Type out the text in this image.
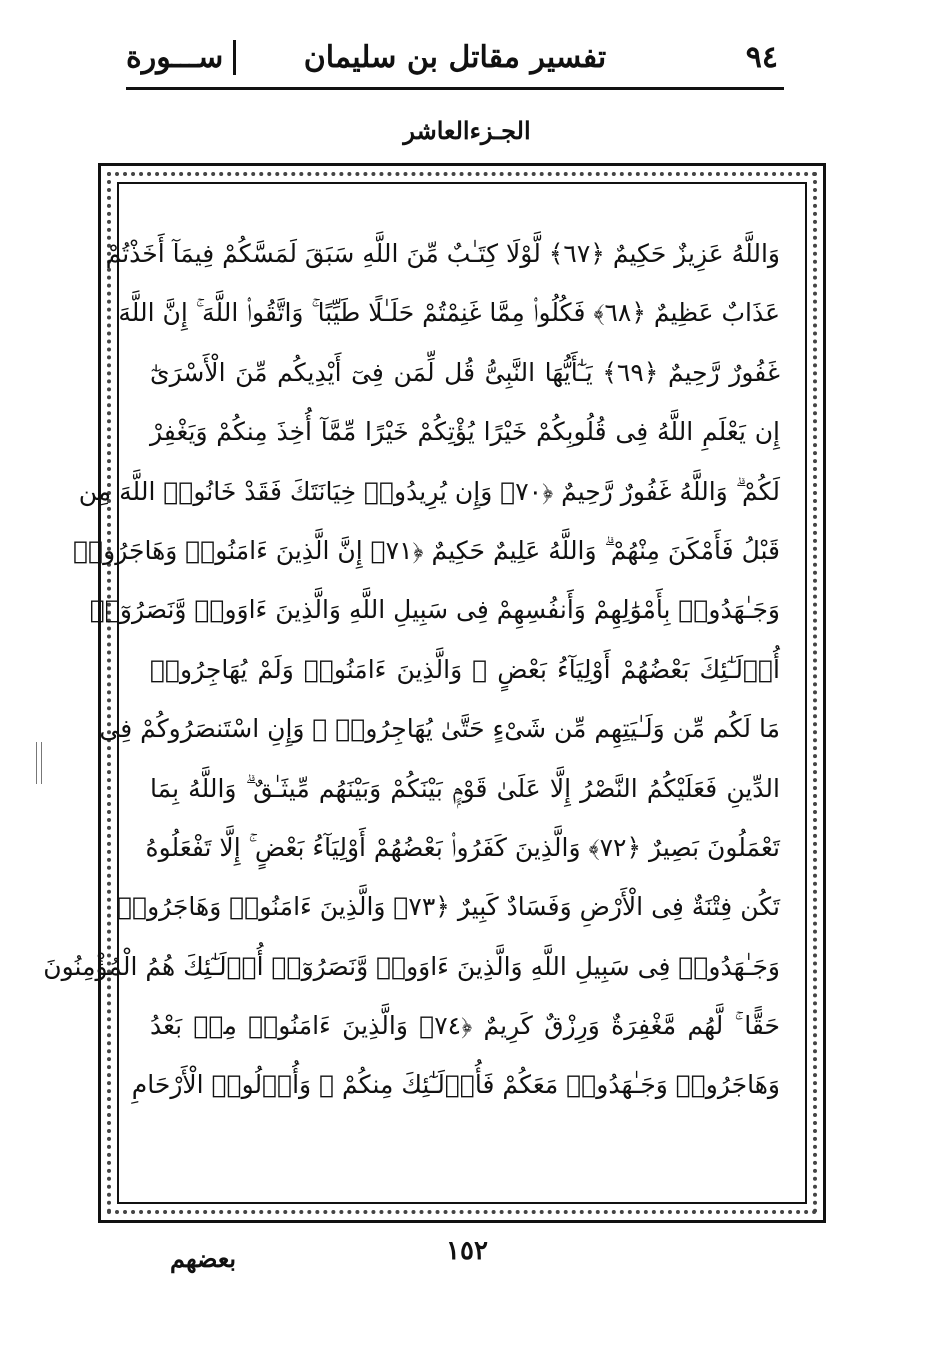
٩٤
تفسير مقاتل بن سليمان
ســـورة
الجـزءالعاشر
وَاللَّهُ عَزِيزٌ حَكِيمٌ ﴿٦٧﴾ لَّوْلَا كِتَـٰبٌ مِّنَ اللَّهِ سَبَقَ لَمَسَّكُمْ فِيمَآ أَخَذْتُمْ
عَذَابٌ عَظِيمٌ ﴿٦٨﴾ فَكُلُوا۟ مِمَّا غَنِمْتُمْ حَلَـٰلًا طَيِّبًا ۚ وَاتَّقُوا۟ اللَّهَ ۚ إِنَّ اللَّهَ
غَفُورٌ رَّحِيمٌ ﴿٦٩﴾ يَـٰٓأَيُّهَا النَّبِىُّ قُل لِّمَن فِىٓ أَيْدِيكُم مِّنَ الْأَسْرَىٰٓ
إِن يَعْلَمِ اللَّهُ فِى قُلُوبِكُمْ خَيْرًا يُؤْتِكُمْ خَيْرًا مِّمَّآ أُخِذَ مِنكُمْ وَيَغْفِرْ
لَكُمْ ۗ وَاللَّهُ غَفُورٌ رَّحِيمٌ ﴿٧٠﴾ وَإِن يُرِيدُوا۟ خِيَانَتَكَ فَقَدْ خَانُوا۟ اللَّهَ مِن
قَبْلُ فَأَمْكَنَ مِنْهُمْ ۗ وَاللَّهُ عَلِيمٌ حَكِيمٌ ﴿٧١﴾ إِنَّ الَّذِينَ ءَامَنُوا۟ وَهَاجَرُوا۟
وَجَـٰهَدُوا۟ بِأَمْوَٰلِهِمْ وَأَنفُسِهِمْ فِى سَبِيلِ اللَّهِ وَالَّذِينَ ءَاوَوا۟ وَّنَصَرُوٓا۟
أُو۟لَـٰٓئِكَ بَعْضُهُمْ أَوْلِيَآءُ بَعْضٍ ۚ وَالَّذِينَ ءَامَنُوا۟ وَلَمْ يُهَاجِرُوا۟
مَا لَكُم مِّن وَلَـٰيَتِهِم مِّن شَىْءٍ حَتَّىٰ يُهَاجِرُوا۟ ۚ وَإِنِ اسْتَنصَرُوكُمْ فِى
الدِّينِ فَعَلَيْكُمُ النَّصْرُ إِلَّا عَلَىٰ قَوْمٍۭ بَيْنَكُمْ وَبَيْنَهُم مِّيثَـٰقٌ ۗ وَاللَّهُ بِمَا
تَعْمَلُونَ بَصِيرٌ ﴿٧٢﴾ وَالَّذِينَ كَفَرُوا۟ بَعْضُهُمْ أَوْلِيَآءُ بَعْضٍ ۚ إِلَّا تَفْعَلُوهُ
تَكُن فِتْنَةٌ فِى الْأَرْضِ وَفَسَادٌ كَبِيرٌ ﴿٧٣﴾ وَالَّذِينَ ءَامَنُوا۟ وَهَاجَرُوا۟
وَجَـٰهَدُوا۟ فِى سَبِيلِ اللَّهِ وَالَّذِينَ ءَاوَوا۟ وَّنَصَرُوٓا۟ أُو۟لَـٰٓئِكَ هُمُ الْمُؤْمِنُونَ
حَقًّا ۚ لَّهُم مَّغْفِرَةٌ وَرِزْقٌ كَرِيمٌ ﴿٧٤﴾ وَالَّذِينَ ءَامَنُوا۟ مِنۢ بَعْدُ
وَهَاجَرُوا۟ وَجَـٰهَدُوا۟ مَعَكُمْ فَأُو۟لَـٰٓئِكَ مِنكُمْ ۚ وَأُو۟لُوا۟ الْأَرْحَامِ
١٥٢
بعضهم
